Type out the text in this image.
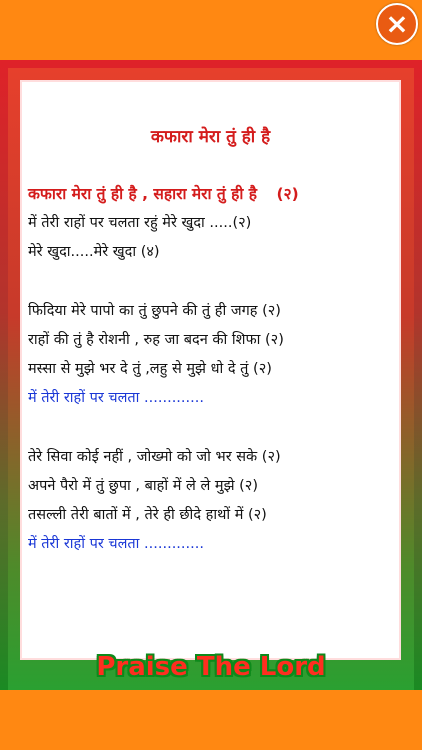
×
कफारा मेरा तुं ही है
कफारा मेरा तुं ही है , सहारा मेरा तुं ही है (२)
में तेरी राहों पर चलता रहुं मेरे खुदा .....(२)
मेरे खुदा.....मेरे खुदा (४)
फिदिया मेरे पापो का तुं छुपने की तुं ही जगह (२)
राहों की तुं है रोशनी , रुह जा बदन की शिफा (२)
मस्सा से मुझे भर दे तुं ,लहु से मुझे धो दे तुं (२)
में तेरी राहों पर चलता .............
तेरे सिवा कोई नहीं , जोख्मो को जो भर सके (२)
अपने पैरो में तुं छुपा , बाहों में ले ले मुझे (२)
तसल्ली तेरी बातों में , तेरे ही छीदे हाथों में (२)
में तेरी राहों पर चलता .............
Praise The Lord
